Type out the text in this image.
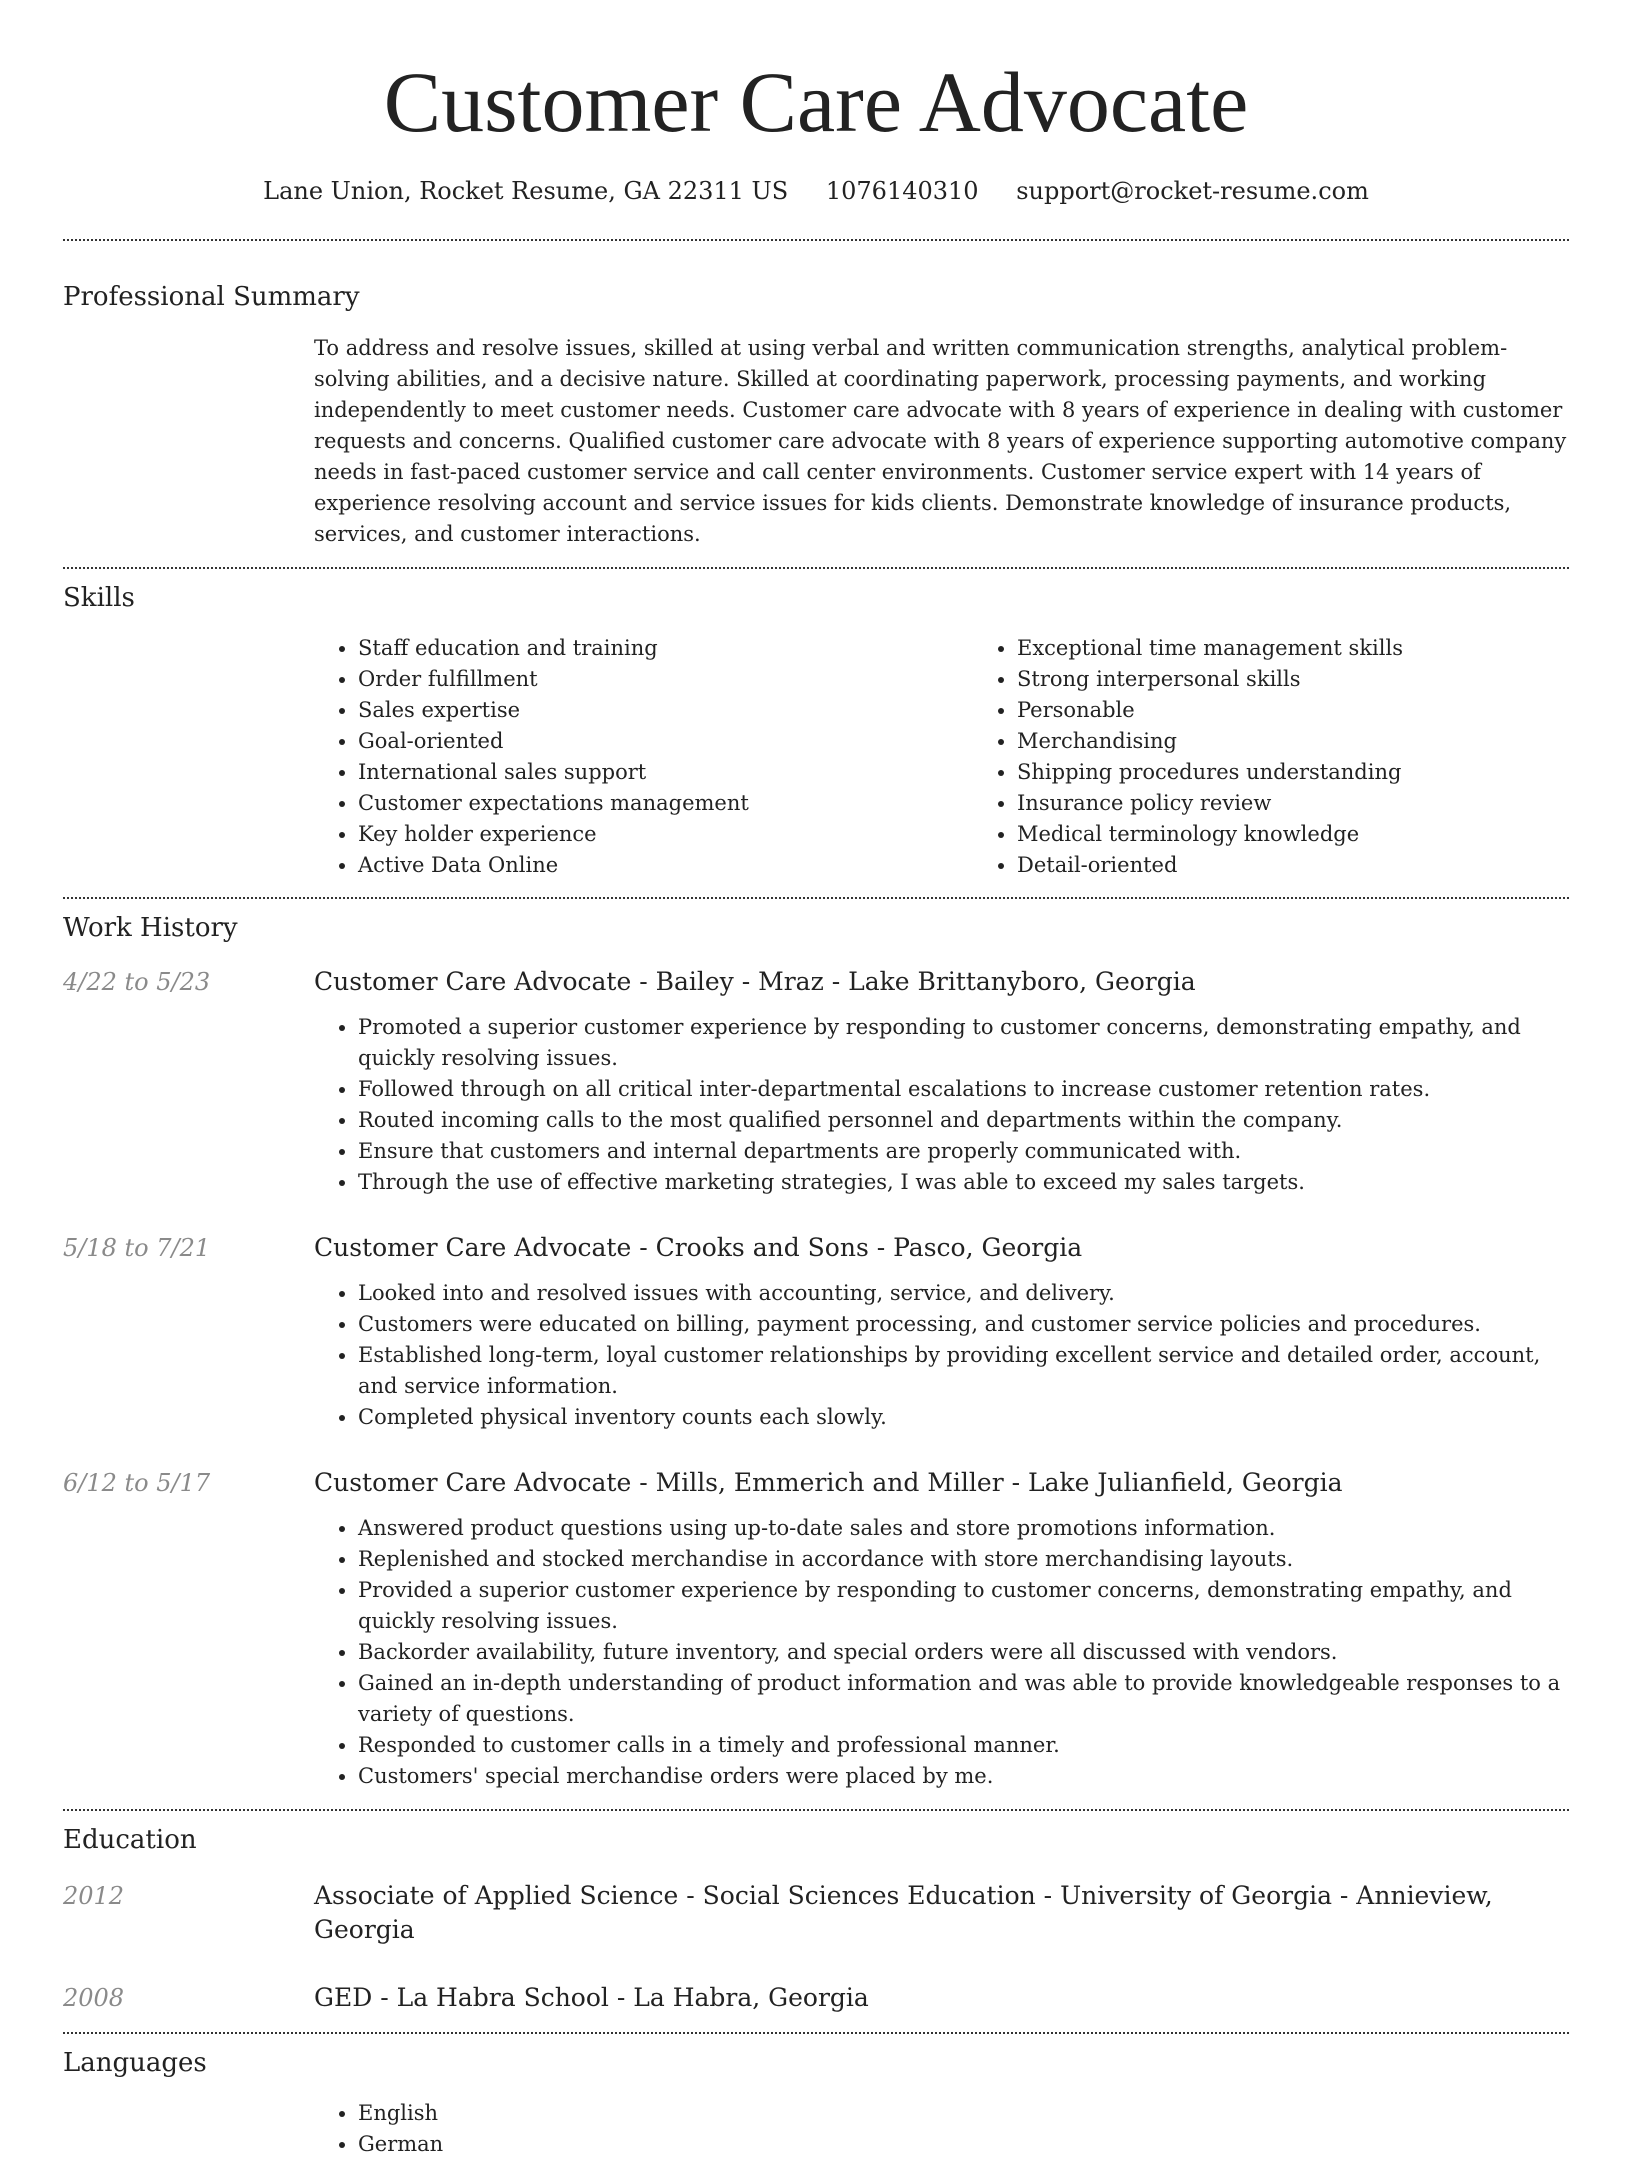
Customer Care Advocate
Lane Union, Rocket Resume, GA 22311 US 1076140310 support@rocket-resume.com
Professional Summary

To address and resolve issues, skilled at using verbal and written communication strengths, analytical problem-solving abilities, and a decisive nature. Skilled at coordinating paperwork, processing payments, and working independently to meet customer needs. Customer care advocate with 8 years of experience in dealing with customer requests and concerns. Qualified customer care advocate with 8 years of experience supporting automotive company needs in fast-paced customer service and call center environments. Customer service expert with 14 years of experience resolving account and service issues for kids clients. Demonstrate knowledge of insurance products, services, and customer interactions.

Skills
• Staff education and training
• Order fulfillment
• Sales expertise
• Goal-oriented
• International sales support
• Customer expectations management
• Key holder experience
• Active Data Online
• Exceptional time management skills
• Strong interpersonal skills
• Personable
• Merchandising
• Shipping procedures understanding
• Insurance policy review
• Medical terminology knowledge
• Detail-oriented
Work History
4/22 to 5/23	Customer Care Advocate - Bailey - Mraz - Lake Brittanyboro, Georgia
• Promoted a superior customer experience by responding to customer concerns, demonstrating empathy, and quickly resolving issues.
• Followed through on all critical inter-departmental escalations to increase customer retention rates.
• Routed incoming calls to the most qualified personnel and departments within the company.
• Ensure that customers and internal departments are properly communicated with.
• Through the use of effective marketing strategies, I was able to exceed my sales targets.
5/18 to 7/21	Customer Care Advocate - Crooks and Sons - Pasco, Georgia
• Looked into and resolved issues with accounting, service, and delivery.
• Customers were educated on billing, payment processing, and customer service policies and procedures.
• Established long-term, loyal customer relationships by providing excellent service and detailed order, account, and service information.
• Completed physical inventory counts each slowly.
6/12 to 5/17	Customer Care Advocate - Mills, Emmerich and Miller - Lake Julianfield, Georgia
• Answered product questions using up-to-date sales and store promotions information.
• Replenished and stocked merchandise in accordance with store merchandising layouts.
• Provided a superior customer experience by responding to customer concerns, demonstrating empathy, and quickly resolving issues.
• Backorder availability, future inventory, and special orders were all discussed with vendors.
• Gained an in-depth understanding of product information and was able to provide knowledgeable responses to a variety of questions.
• Responded to customer calls in a timely and professional manner.
• Customers' special merchandise orders were placed by me.
Education
2012	Associate of Applied Science - Social Sciences Education - University of Georgia - Annieview, Georgia
2008	GED - La Habra School - La Habra, Georgia
Languages
• English
• German
